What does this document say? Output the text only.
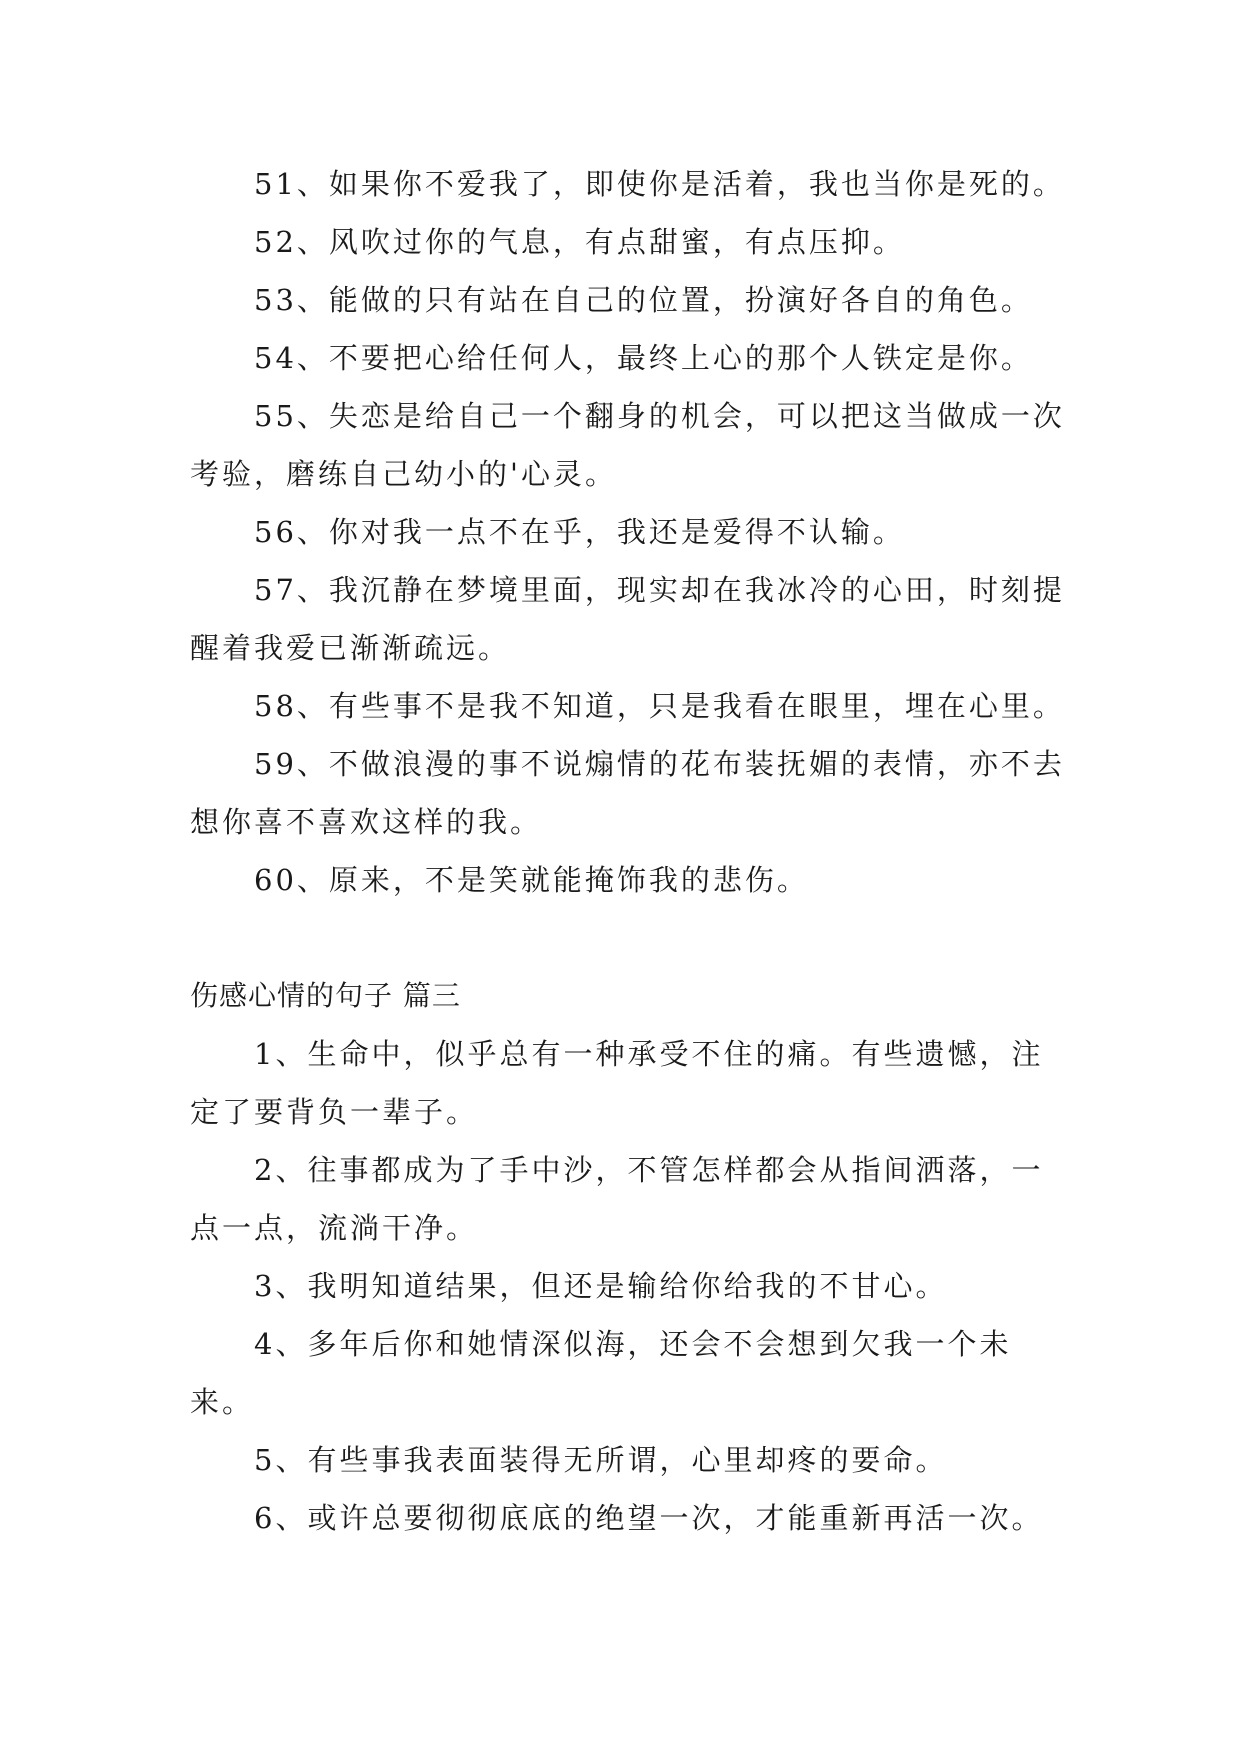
51、如果你不爱我了，即使你是活着，我也当你是死的。

52、风吹过你的气息，有点甜蜜，有点压抑。

53、能做的只有站在自己的位置，扮演好各自的角色。

54、不要把心给任何人，最终上心的那个人铁定是你。

55、失恋是给自己一个翻身的机会，可以把这当做成一次考验，磨练自己幼小的'心灵。

56、你对我一点不在乎，我还是爱得不认输。

57、我沉静在梦境里面，现实却在我冰冷的心田，时刻提醒着我爱已渐渐疏远。

58、有些事不是我不知道，只是我看在眼里，埋在心里。

59、不做浪漫的事不说煽情的花布装抚媚的表情，亦不去想你喜不喜欢这样的我。

60、原来，不是笑就能掩饰我的悲伤。

伤感心情的句子 篇三

1、生命中，似乎总有一种承受不住的痛。有些遗憾，注定了要背负一辈子。

2、往事都成为了手中沙，不管怎样都会从指间洒落，一点一点，流淌干净。

3、我明知道结果，但还是输给你给我的不甘心。

4、多年后你和她情深似海，还会不会想到欠我一个未来。

5、有些事我表面装得无所谓，心里却疼的要命。

6、或许总要彻彻底底的绝望一次，才能重新再活一次。
